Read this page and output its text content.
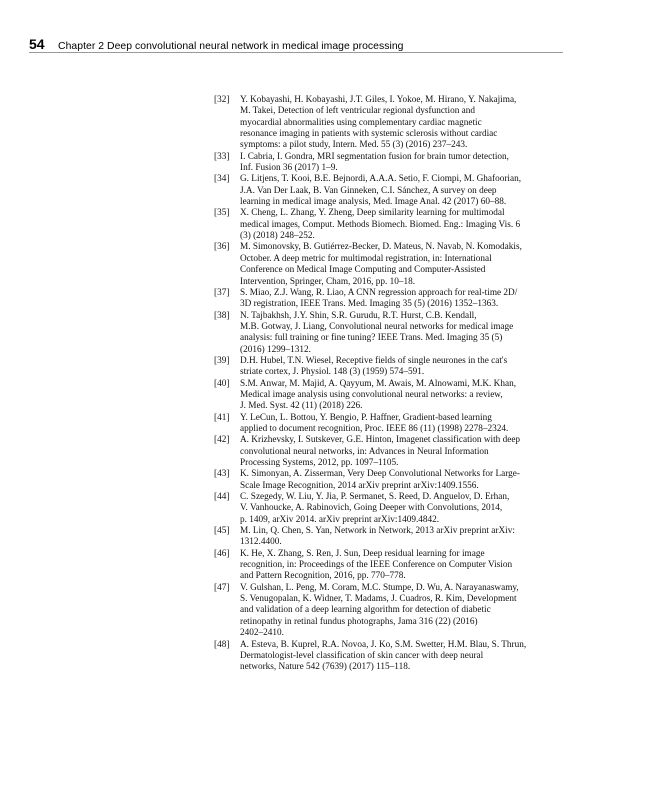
54 Chapter 2 Deep convolutional neural network in medical image processing
[32]	Y. Kobayashi, H. Kobayashi, J.T. Giles, I. Yokoe, M. Hirano, Y. Nakajima,
M. Takei, Detection of left ventricular regional dysfunction and
myocardial abnormalities using complementary cardiac magnetic
resonance imaging in patients with systemic sclerosis without cardiac
symptoms: a pilot study, Intern. Med. 55 (3) (2016) 237–243.
[33]	I. Cabria, I. Gondra, MRI segmentation fusion for brain tumor detection,
Inf. Fusion 36 (2017) 1–9.
[34]	G. Litjens, T. Kooi, B.E. Bejnordi, A.A.A. Setio, F. Ciompi, M. Ghafoorian,
J.A. Van Der Laak, B. Van Ginneken, C.I. Sánchez, A survey on deep
learning in medical image analysis, Med. Image Anal. 42 (2017) 60–88.
[35]	X. Cheng, L. Zhang, Y. Zheng, Deep similarity learning for multimodal
medical images, Comput. Methods Biomech. Biomed. Eng.: Imaging Vis. 6
(3) (2018) 248–252.
[36]	M. Simonovsky, B. Gutiérrez-Becker, D. Mateus, N. Navab, N. Komodakis,
October. A deep metric for multimodal registration, in: International
Conference on Medical Image Computing and Computer-Assisted
Intervention, Springer, Cham, 2016, pp. 10–18.
[37]	S. Miao, Z.J. Wang, R. Liao, A CNN regression approach for real-time 2D/
3D registration, IEEE Trans. Med. Imaging 35 (5) (2016) 1352–1363.
[38]	N. Tajbakhsh, J.Y. Shin, S.R. Gurudu, R.T. Hurst, C.B. Kendall,
M.B. Gotway, J. Liang, Convolutional neural networks for medical image
analysis: full training or fine tuning? IEEE Trans. Med. Imaging 35 (5)
(2016) 1299–1312.
[39]	D.H. Hubel, T.N. Wiesel, Receptive fields of single neurones in the cat's
striate cortex, J. Physiol. 148 (3) (1959) 574–591.
[40]	S.M. Anwar, M. Majid, A. Qayyum, M. Awais, M. Alnowami, M.K. Khan,
Medical image analysis using convolutional neural networks: a review,
J. Med. Syst. 42 (11) (2018) 226.
[41]	Y. LeCun, L. Bottou, Y. Bengio, P. Haffner, Gradient-based learning
applied to document recognition, Proc. IEEE 86 (11) (1998) 2278–2324.
[42]	A. Krizhevsky, I. Sutskever, G.E. Hinton, Imagenet classification with deep
convolutional neural networks, in: Advances in Neural Information
Processing Systems, 2012, pp. 1097–1105.
[43]	K. Simonyan, A. Zisserman, Very Deep Convolutional Networks for Large-
Scale Image Recognition, 2014 arXiv preprint arXiv:1409.1556.
[44]	C. Szegedy, W. Liu, Y. Jia, P. Sermanet, S. Reed, D. Anguelov, D. Erhan,
V. Vanhoucke, A. Rabinovich, Going Deeper with Convolutions, 2014,
p. 1409, arXiv 2014. arXiv preprint arXiv:1409.4842.
[45]	M. Lin, Q. Chen, S. Yan, Network in Network, 2013 arXiv preprint arXiv:
1312.4400.
[46]	K. He, X. Zhang, S. Ren, J. Sun, Deep residual learning for image
recognition, in: Proceedings of the IEEE Conference on Computer Vision
and Pattern Recognition, 2016, pp. 770–778.
[47]	V. Gulshan, L. Peng, M. Coram, M.C. Stumpe, D. Wu, A. Narayanaswamy,
S. Venugopalan, K. Widner, T. Madams, J. Cuadros, R. Kim, Development
and validation of a deep learning algorithm for detection of diabetic
retinopathy in retinal fundus photographs, Jama 316 (22) (2016)
2402–2410.
[48]	A. Esteva, B. Kuprel, R.A. Novoa, J. Ko, S.M. Swetter, H.M. Blau, S. Thrun,
Dermatologist-level classification of skin cancer with deep neural
networks, Nature 542 (7639) (2017) 115–118.
